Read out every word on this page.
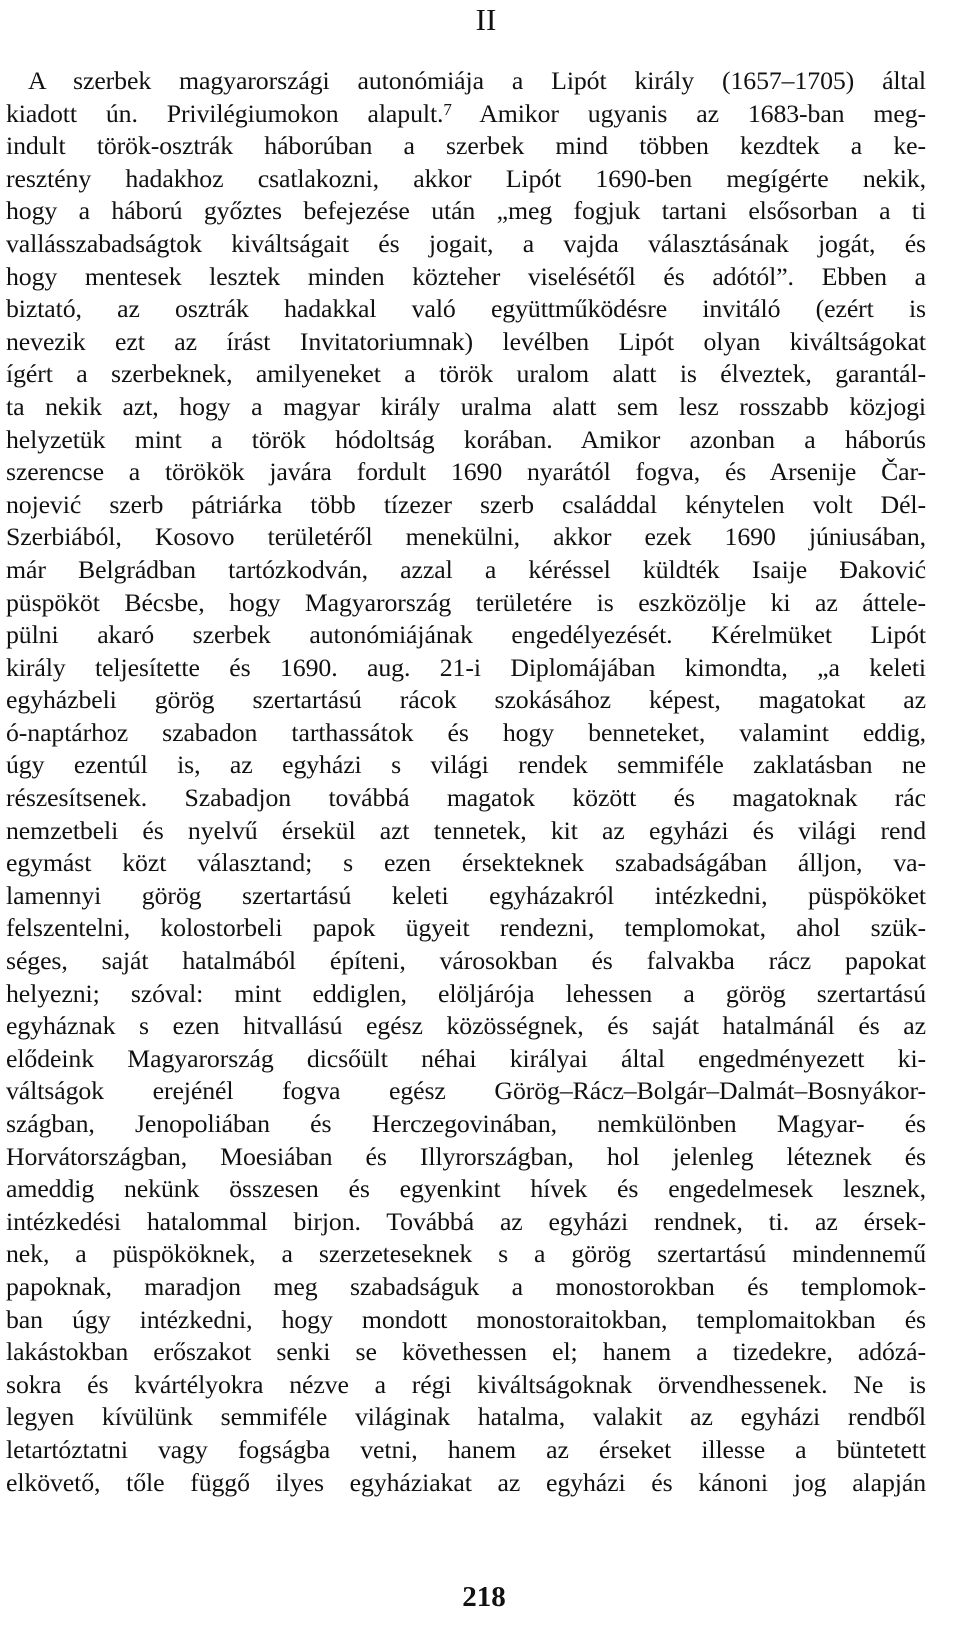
II
A szerbek magyarországi autonómiája a Lipót király (1657–1705) által
kiadott ún. Privilégiumokon alapult.$^7$ Amikor ugyanis az 1683-ban meg-
indult török-osztrák háborúban a szerbek mind többen kezdtek a ke-
resztény hadakhoz csatlakozni, akkor Lipót 1690-ben megígérte nekik,
hogy a háború győztes befejezése után „meg fogjuk tartani elsősorban a ti
vallásszabadságtok kiváltságait és jogait, a vajda választásának jogát, és
hogy mentesek lesztek minden közteher viselésétől és adótól”. Ebben a
biztató, az osztrák hadakkal való együttműködésre invitáló (ezért is
nevezik ezt az írást Invitatoriumnak) levélben Lipót olyan kiváltságokat
ígért a szerbeknek, amilyeneket a török uralom alatt is élveztek, garantál-
ta nekik azt, hogy a magyar király uralma alatt sem lesz rosszabb közjogi
helyzetük mint a török hódoltság korában. Amikor azonban a háborús
szerencse a törökök javára fordult 1690 nyarától fogva, és Arsenije Čar-
nojević szerb pátriárka több tízezer szerb családdal kénytelen volt Dél-
Szerbiából, Kosovo területéről menekülni, akkor ezek 1690 júniusában,
már Belgrádban tartózkodván, azzal a kéréssel küldték Isaije Đaković
püspököt Bécsbe, hogy Magyarország területére is eszközölje ki az áttele-
pülni akaró szerbek autonómiájának engedélyezését. Kérelmüket Lipót
király teljesítette és 1690. aug. 21-i Diplomájában kimondta, „a keleti
egyházbeli görög szertartású rácok szokásához képest, magatokat az
ó-naptárhoz szabadon tarthassátok és hogy benneteket, valamint eddig,
úgy ezentúl is, az egyházi s világi rendek semmiféle zaklatásban ne
részesítsenek. Szabadjon továbbá magatok között és magatoknak rác
nemzetbeli és nyelvű érsekül azt tennetek, kit az egyházi és világi rend
egymást közt választand; s ezen érsekteknek szabadságában álljon, va-
lamennyi görög szertartású keleti egyházakról intézkedni, püspököket
felszentelni, kolostorbeli papok ügyeit rendezni, templomokat, ahol szük-
séges, saját hatalmából építeni, városokban és falvakba rácz papokat
helyezni; szóval: mint eddiglen, elöljárója lehessen a görög szertartású
egyháznak s ezen hitvallású egész közösségnek, és saját hatalmánál és az
elődeink Magyarország dicsőült néhai királyai által engedményezett ki-
váltságok erejénél fogva egész Görög–Rácz–Bolgár–Dalmát–Bosnyákor-
szágban, Jenopoliában és Herczegovinában, nemkülönben Magyar- és
Horvátországban, Moesiában és Illyrországban, hol jelenleg léteznek és
ameddig nekünk összesen és egyenkint hívek és engedelmesek lesznek,
intézkedési hatalommal birjon. Továbbá az egyházi rendnek, ti. az érsek-
nek, a püspököknek, a szerzeteseknek s a görög szertartású mindennemű
papoknak, maradjon meg szabadságuk a monostorokban és templomok-
ban úgy intézkedni, hogy mondott monostoraitokban, templomaitokban és
lakástokban erőszakot senki se követhessen el; hanem a tizedekre, adózá-
sokra és kvártélyokra nézve a régi kiváltságoknak örvendhessenek. Ne is
legyen kívülünk semmiféle világinak hatalma, valakit az egyházi rendből
letartóztatni vagy fogságba vetni, hanem az érseket illesse a büntetett
elkövető, tőle függő ilyes egyháziakat az egyházi és kánoni jog alapján
218
